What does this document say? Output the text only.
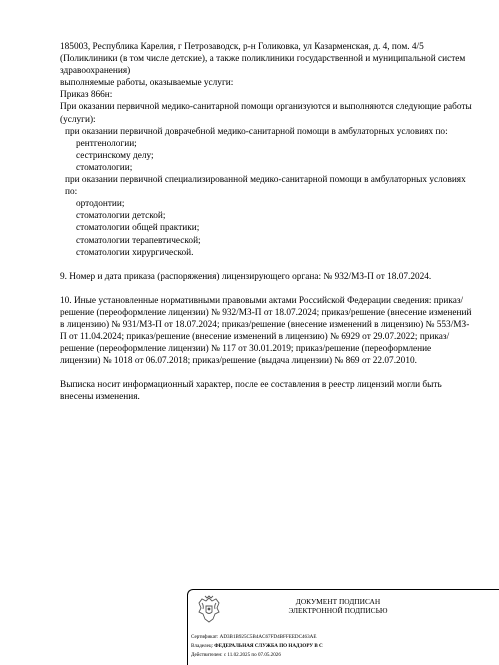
185003, Республика Карелия, г Петрозаводск, р-н Голиковка, ул Казарменская, д. 4, пом. 4/5 (Поликлиники (в том числе детские), а также поликлиники государственной и муниципальной систем здравоохранения)

выполняемые работы, оказываемые услуги:

Приказ 866н:

При оказании первичной медико-санитарной помощи организуются и выполняются следующие работы (услуги):

при оказании первичной доврачебной медико-санитарной помощи в амбулаторных условиях по:

рентгенологии;

сестринскому делу;

стоматологии;

при оказании первичной специализированной медико-санитарной помощи в амбулаторных условиях по:

ортодонтии;

стоматологии детской;

стоматологии общей практики;

стоматологии терапевтической;

стоматологии хирургической.

9. Номер и дата приказа (распоряжения) лицензирующего органа: № 932/МЗ-П от 18.07.2024.

10. Иные установленные нормативными правовыми актами Российской Федерации сведения: приказ/решение (переоформление лицензии) № 932/МЗ-П от 18.07.2024; приказ/решение (внесение изменений в лицензию) № 931/МЗ-П от 18.07.2024; приказ/решение (внесение изменений в лицензию) № 553/МЗ-П от 11.04.2024; приказ/решение (внесение изменений в лицензию) № 6929 от 29.07.2022; приказ/решение (переоформление лицензии) № 117 от 30.01.2019; приказ/решение (переоформление лицензии) № 1018 от 06.07.2018; приказ/решение (выдача лицензии) № 869 от 22.07.2010.

Выписка носит информационный характер, после ее составления в реестр лицензий могли быть внесены изменения.

ДОКУМЕНТ ПОДПИСАН
ЭЛЕКТРОННОЙ ПОДПИСЬЮ
Сертификат: AD3B1B925C5B4AC67FD4BFFEEDC463AE
Владелец: ФЕДЕРАЛЬНАЯ СЛУЖБА ПО НАДЗОРУ В С
Действителен: с 11.02.2025 по 07.05.2026
